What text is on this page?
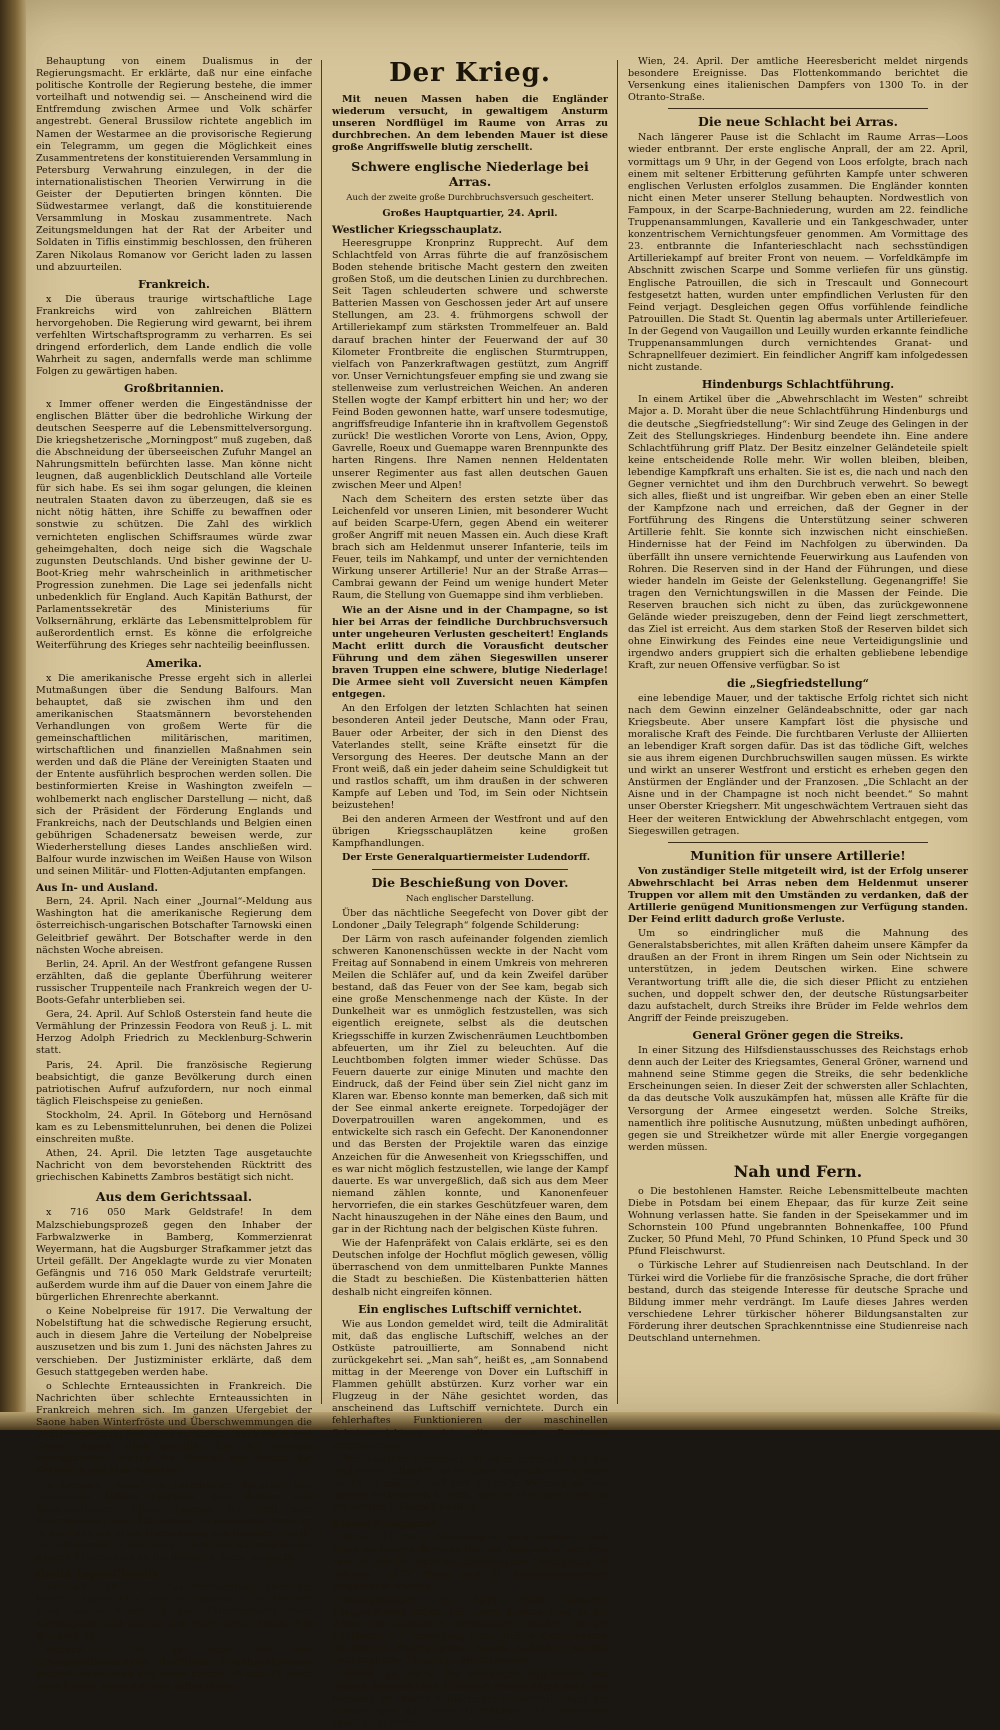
Behauptung von einem Dualismus in der Regierungsmacht. Er erklärte, daß nur eine einfache politische Kontrolle der Regierung bestehe, die immer vorteilhaft und notwendig sei. — Anscheinend wird die Entfremdung zwischen Armee und Volk schärfer angestrebt. General Brussilow richtete angeblich im Namen der Westarmee an die provisorische Regierung ein Telegramm, um gegen die Möglichkeit eines Zusammentretens der konstituierenden Versammlung in Petersburg Verwahrung einzulegen, in der die internationalistischen Theorien Verwirrung in die Geister der Deputierten bringen könnten. Die Südwestarmee verlangt, daß die konstituierende Versammlung in Moskau zusammentrete. Nach Zeitungsmeldungen hat der Rat der Arbeiter und Soldaten in Tiflis einstimmig beschlossen, den früheren Zaren Nikolaus Romanow vor Gericht laden zu lassen und abzuurteilen.

Frankreich.

x Die überaus traurige wirtschaftliche Lage Frankreichs wird von zahlreichen Blättern hervorgehoben. Die Regierung wird gewarnt, bei ihrem verfehlten Wirtschaftsprogramm zu verharren. Es sei dringend erforderlich, dem Lande endlich die volle Wahrheit zu sagen, andernfalls werde man schlimme Folgen zu gewärtigen haben.

Großbritannien.

x Immer offener werden die Eingeständnisse der englischen Blätter über die bedrohliche Wirkung der deutschen Seesperre auf die Lebensmittelversorgung. Die kriegshetzerische „Morningpost“ muß zugeben, daß die Abschneidung der überseeischen Zufuhr Mangel an Nahrungsmitteln befürchten lasse. Man könne nicht leugnen, daß augenblicklich Deutschland alle Vorteile für sich habe. Es sei ihm sogar gelungen, die kleinen neutralen Staaten davon zu überzeugen, daß sie es nicht nötig hätten, ihre Schiffe zu bewaffnen oder sonstwie zu schützen. Die Zahl des wirklich vernichteten englischen Schiffsraumes würde zwar geheimgehalten, doch neige sich die Wagschale zugunsten Deutschlands. Und bisher gewinne der U-Boot-Krieg mehr wahrscheinlich in arithmetischer Progression zunehmen. Die Lage sei jedenfalls nicht unbedenklich für England. Auch Kapitän Bathurst, der Parlamentssekretär des Ministeriums für Volksernährung, erklärte das Lebensmittelproblem für außerordentlich ernst. Es könne die erfolgreiche Weiterführung des Krieges sehr nachteilig beeinflussen.

Amerika.

x Die amerikanische Presse ergeht sich in allerlei Mutmaßungen über die Sendung Balfours. Man behauptet, daß sie zwischen ihm und den amerikanischen Staatsmännern bevorstehenden Verhandlungen von großem Werte für die gemeinschaftlichen militärischen, maritimen, wirtschaftlichen und finanziellen Maßnahmen sein werden und daß die Pläne der Vereinigten Staaten und der Entente ausführlich besprochen werden sollen. Die bestinformierten Kreise in Washington zweifeln — wohlbemerkt nach englischer Darstellung — nicht, daß sich der Präsident der Förderung Englands und Frankreichs, nach der Deutschlands und Belgien einen gebührigen Schadenersatz beweisen werde, zur Wiederherstellung dieses Landes anschließen wird. Balfour wurde inzwischen im Weißen Hause von Wilson und seinen Militär- und Flotten-Adjutanten empfangen.

Aus In- und Ausland.

Bern, 24. April. Nach einer „Journal“-Meldung aus Washington hat die amerikanische Regierung dem österreichisch-ungarischen Botschafter Tarnowski einen Geleitbrief gewährt. Der Botschafter werde in den nächsten Woche abreisen.

Berlin, 24. April. An der Westfront gefangene Russen erzählten, daß die geplante Überführung weiterer russischer Truppenteile nach Frankreich wegen der U-Boots-Gefahr unterblieben sei.

Gera, 24. April. Auf Schloß Osterstein fand heute die Vermählung der Prinzessin Feodora von Reuß j. L. mit Herzog Adolph Friedrich zu Mecklenburg-Schwerin statt.

Paris, 24. April. Die französische Regierung beabsichtigt, die ganze Bevölkerung durch einen patriotischen Aufruf aufzufordern, nur noch einmal täglich Fleischspeise zu genießen.

Stockholm, 24. April. In Göteborg und Hernösand kam es zu Lebensmittelunruhen, bei denen die Polizei einschreiten mußte.

Athen, 24. April. Die letzten Tage ausgetauchte Nachricht von dem bevorstehenden Rücktritt des griechischen Kabinetts Zambros bestätigt sich nicht.

Aus dem Gerichtssaal.

x 716 050 Mark Geldstrafe! In dem Malzschiebungsprozeß gegen den Inhaber der Farbwalzwerke in Bamberg, Kommerzienrat Weyermann, hat die Augsburger Strafkammer jetzt das Urteil gefällt. Der Angeklagte wurde zu vier Monaten Gefängnis und 716 050 Mark Geldstrafe verurteilt; außerdem wurde ihm auf die Dauer von einem Jahre die bürgerlichen Ehrenrechte aberkannt.

o Keine Nobelpreise für 1917. Die Verwaltung der Nobelstiftung hat die schwedische Regierung ersucht, auch in diesem Jahre die Verteilung der Nobelpreise auszusetzen und bis zum 1. Juni des nächsten Jahres zu verschieben. Der Justizminister erklärte, daß dem Gesuch stattgegeben werden habe.

o Schlechte Ernteaussichten in Frankreich. Die Nachrichten über schlechte Ernteaussichten in Frankreich mehren sich. Im ganzen Ufergebiet der Saone haben Winterfröste und Überschwemmungen die Winterweizensaat fast völlig vernichtet. Auch Hafer und Gerste haben stark gelitten. Um die Verluste auszugleichen, wollen die Bauern den Boden für Kartoffeln und Mais bestellen.

o Goethes „Faust“ in isländischer Sprache. Das isländische Althing beschloß, dem Dichter und Hochschullehrer Bjarni Jonsson fra Vogi eine Unterstützung von 1200 Kronen zu bewilligen, damit er in der Lage sei, seine Übertragung von Goethes „Faust“ ins Isländische zu vollenden. Island hat während dieses ganzen Krieges eine an die deutsche Sache geglaubt.

Bunte Tages-Chronik.

Kattowitz, 24. April. Aus Verzweiflung über die Untreue seiner Frau warf in Gosnowice ein Arbeiter seine beiden Kinder in den Förderschacht einer Kohlengrube und stürzte sich dann selbst hinab. Alle drei sind tot.

Minden i. W., 24. April. Ein des Lebensmitteldiebstahls überführter Eisenbahnbeamter erschoß seine Frau und seine beiden 10 und 12 Jahre alten Kinder, worauf er sich selbst tötete.

Der Krieg.

Mit neuen Massen haben die Engländer wiederum versucht, in gewaltigem Ansturm unseren Nordflügel im Raume von Arras zu durchbrechen. An dem lebenden Mauer ist diese große Angriffswelle blutig zerschellt.

Schwere englische Niederlage bei Arras.

Auch der zweite große Durchbruchsversuch gescheitert.

Großes Hauptquartier, 24. April.

Westlicher Kriegsschauplatz.

Heeresgruppe Kronprinz Rupprecht. Auf dem Schlachtfeld von Arras führte die auf französischem Boden stehende britische Macht gestern den zweiten großen Stoß, um die deutschen Linien zu durchbrechen. Seit Tagen schleuderten schwere und schwerste Batterien Massen von Geschossen jeder Art auf unsere Stellungen, am 23. 4. frühmorgens schwoll der Artilleriekampf zum stärksten Trommelfeuer an. Bald darauf brachen hinter der Feuerwand der auf 30 Kilometer Frontbreite die englischen Sturmtruppen, vielfach von Panzerkraftwagen gestützt, zum Angriff vor. Unser Vernichtungsfeuer empfing sie und zwang sie stellenweise zum verlustreichen Weichen. An anderen Stellen wogte der Kampf erbittert hin und her; wo der Feind Boden gewonnen hatte, warf unsere todesmutige, angriffsfreudige Infanterie ihn in kraftvollem Gegenstoß zurück! Die westlichen Vororte von Lens, Avion, Oppy, Gavrelle, Roeux und Guemappe waren Brennpunkte des harten Ringens. Ihre Namen nennen Heldentaten unserer Regimenter aus fast allen deutschen Gauen zwischen Meer und Alpen!

Nach dem Scheitern des ersten setzte über das Leichenfeld vor unseren Linien, mit besonderer Wucht auf beiden Scarpe-Ufern, gegen Abend ein weiterer großer Angriff mit neuen Massen ein. Auch diese Kraft brach sich am Heldenmut unserer Infanterie, teils im Feuer, teils im Nahkampf, und unter der vernichtenden Wirkung unserer Artillerie! Nur an der Straße Arras—Cambrai gewann der Feind um wenige hundert Meter Raum, die Stellung von Guemappe sind ihm verblieben.

Wie an der Aisne und in der Champagne, so ist hier bei Arras der feindliche Durchbruchsversuch unter ungeheuren Verlusten gescheitert! Englands Macht erlitt durch die Vorausficht deutscher Führung und dem zähen Siegeswillen unserer braven Truppen eine schwere, blutige Niederlage! Die Armee sieht voll Zuversicht neuen Kämpfen entgegen.

An den Erfolgen der letzten Schlachten hat seinen besonderen Anteil jeder Deutsche, Mann oder Frau, Bauer oder Arbeiter, der sich in den Dienst des Vaterlandes stellt, seine Kräfte einsetzt für die Versorgung des Heeres. Der deutsche Mann an der Front weiß, daß ein jeder daheim seine Schuldigkeit tut und rastlos schafft, um ihm draußen in der schweren Kampfe auf Leben und Tod, im Sein oder Nichtsein beizustehen!

Bei den anderen Armeen der Westfront und auf den übrigen Kriegsschauplätzen keine großen Kampfhandlungen.

Der Erste Generalquartiermeister Ludendorff.

Die Beschießung von Dover.

Nach englischer Darstellung.

Über das nächtliche Seegefecht von Dover gibt der Londoner „Daily Telegraph“ folgende Schilderung:

Der Lärm von rasch aufeinander folgenden ziemlich schweren Kanonenschüssen weckte in der Nacht vom Freitag auf Sonnabend in einem Umkreis von mehreren Meilen die Schläfer auf, und da kein Zweifel darüber bestand, daß das Feuer von der See kam, begab sich eine große Menschenmenge nach der Küste. In der Dunkelheit war es unmöglich festzustellen, was sich eigentlich ereignete, selbst als die deutschen Kriegsschiffe in kurzen Zwischenräumen Leuchtbomben abfeuerten, um ihr Ziel zu beleuchten. Auf die Leuchtbomben folgten immer wieder Schüsse. Das Feuern dauerte zur einige Minuten und machte den Eindruck, daß der Feind über sein Ziel nicht ganz im Klaren war. Ebenso konnte man bemerken, daß sich mit der See einmal ankerte ereignete. Torpedojäger der Doverpatrouillen waren angekommen, und es entwickelte sich rasch ein Gefecht. Der Kanonendonner und das Bersten der Projektile waren das einzige Anzeichen für die Anwesenheit von Kriegsschiffen, und es war nicht möglich festzustellen, wie lange der Kampf dauerte. Es war unvergeßlich, daß sich aus dem Meer niemand zählen konnte, und Kanonenfeuer hervorriefen, die ein starkes Geschützfeuer waren, dem Nacht hinauszugehen in der Nähe eines den Baum, und gar in der Richtung nach der belgischen Küste fuhren.

Wie der Hafenpräfekt von Calais erklärte, sei es den Deutschen infolge der Hochflut möglich gewesen, völlig überraschend von dem unmittelbaren Punkte Mannes die Stadt zu beschießen. Die Küstenbatterien hätten deshalb nicht eingreifen können.

Ein englisches Luftschiff vernichtet.

Wie aus London gemeldet wird, teilt die Admiralität mit, daß das englische Luftschiff, welches an der Ostküste patrouillierte, am Sonnabend nicht zurückgekehrt sei. „Man sah“, heißt es, „am Sonnabend mittag in der Meerenge von Dover ein Luftschiff in Flammen gehüllt abstürzen. Kurz vorher war ein Flugzeug in der Nähe gesichtet worden, das anscheinend das Luftschiff vernichtete. Durch ein fehlerhaftes Funktionieren der maschinellen Schutzvorrichtung ist die ganze Besatzung umgekommen.

Der deutsche Heeresbericht hatte gemeldet, daß ein englisches Luftschiff bei Nieuport abgeschossen worden ist. Es ist möglich, daß sich die obige Meldung auf das gleiche Vorkommnis bezieht, aber es kann sich auch um ein zweites Luftschiff handeln.

Kleine Kriegspost.

Berlin, 24. April. Nachträglich wird gemeldet, daß allein im Raume Berry-au-Bac bis Auberive in der Zeit vom 16. bis 19. April an französischen Gefangenen 30 Offiziere, 1472 Mann und 91 Maschinengewehre eingebracht wurden.

Konstantinopel, 24. April. Zwei deutsche Fliegeroffiziere haben bei einem kühnen Flug in die Wüste die englischen Verteilungen zerstört, die die Engländer zur Versorgung ihrer großen Kampfmassen die Dämme entlang gebaut hatten. Außerdem wurden zwei englische Flugzeuge abgeschossen.

Zürich, 24. April. Die bisherigen Ergebnisse der großen französischen Offensive rechtfertigen nach der Meinung der Kurier militärischer Sachverständigen die Erwartungen auf einen Durchbruch der deutschen Front nicht mehr.

Wien, 24. April. Der amtliche Heeresbericht meldet nirgends besondere Ereignisse. Das Flottenkommando berichtet die Versenkung eines italienischen Dampfers von 1300 To. in der Otranto-Straße.

Die neue Schlacht bei Arras.

Nach längerer Pause ist die Schlacht im Raume Arras—Loos wieder entbrannt. Der erste englische Anprall, der am 22. April, vormittags um 9 Uhr, in der Gegend von Loos erfolgte, brach nach einem mit seltener Erbitterung geführten Kampfe unter schweren englischen Verlusten erfolglos zusammen. Die Engländer konnten nicht einen Meter unserer Stellung behaupten. Nordwestlich von Fampoux, in der Scarpe-Bachniederung, wurden am 22. feindliche Truppenansammlungen, Kavallerie und ein Tankgeschwader, unter konzentrischem Vernichtungsfeuer genommen. Am Vormittage des 23. entbrannte die Infanterieschlacht nach sechsstündigen Artilleriekampf auf breiter Front von neuem. — Vorfeldkämpfe im Abschnitt zwischen Scarpe und Somme verliefen für uns günstig. Englische Patrouillen, die sich in Trescault und Gonnecourt festgesetzt hatten, wurden unter empfindlichen Verlusten für den Feind verjagt. Desgleichen gegen Offus vorfühlende feindliche Patrouillen. Die Stadt St. Quentin lag abermals unter Artilleriefeuer. In der Gegend von Vaugaillon und Leuilly wurden erkannte feindliche Truppenansammlungen durch vernichtendes Granat- und Schrapnellfeuer dezimiert. Ein feindlicher Angriff kam infolgedessen nicht zustande.

Hindenburgs Schlachtführung.

In einem Artikel über die „Abwehrschlacht im Westen“ schreibt Major a. D. Moraht über die neue Schlachtführung Hindenburgs und die deutsche „Siegfriedstellung“: Wir sind Zeuge des Gelingen in der Zeit des Stellungskrieges. Hindenburg beendete ihn. Eine andere Schlachtführung griff Platz. Der Besitz einzelner Geländeteile spielt keine entscheidende Rolle mehr. Wir wollen bleiben, bleiben, lebendige Kampfkraft uns erhalten. Sie ist es, die nach und nach den Gegner vernichtet und ihm den Durchbruch verwehrt. So bewegt sich alles, fließt und ist ungreifbar. Wir geben eben an einer Stelle der Kampfzone nach und erreichen, daß der Gegner in der Fortführung des Ringens die Unterstützung seiner schweren Artillerie fehlt. Sie konnte sich inzwischen nicht einschießen. Hindernisse hat der Feind im Nachfolgen zu überwinden. Da überfällt ihn unsere vernichtende Feuerwirkung aus Laufenden von Rohren. Die Reserven sind in der Hand der Führungen, und diese wieder handeln im Geiste der Gelenkstellung. Gegenangriffe! Sie tragen den Vernichtungswillen in die Massen der Feinde. Die Reserven brauchen sich nicht zu üben, das zurückgewonnene Gelände wieder preiszugeben, denn der Feind liegt zerschmettert, das Ziel ist erreicht. Aus dem starken Stoß der Reserven bildet sich ohne Einwirkung des Feindes eine neue Verteidigungslinie und irgendwo anders gruppiert sich die erhalten gebliebene lebendige Kraft, zur neuen Offensive verfügbar. So ist

die „Siegfriedstellung“

eine lebendige Mauer, und der taktische Erfolg richtet sich nicht nach dem Gewinn einzelner Geländeabschnitte, oder gar nach Kriegsbeute. Aber unsere Kampfart löst die physische und moralische Kraft des Feinde. Die furchtbaren Verluste der Alliierten an lebendiger Kraft sorgen dafür. Das ist das tödliche Gift, welches sie aus ihrem eigenen Durchbruchswillen saugen müssen. Es wirkte und wirkt an unserer Westfront und ersticht es erheben gegen den Anstürmen der Engländer und der Franzosen. „Die Schlacht an der Aisne und in der Champagne ist noch nicht beendet.“ So mahnt unser Oberster Kriegsherr. Mit ungeschwächtem Vertrauen sieht das Heer der weiteren Entwicklung der Abwehrschlacht entgegen, vom Siegeswillen getragen.

Munition für unsere Artillerie!

Von zuständiger Stelle mitgeteilt wird, ist der Erfolg unserer Abwehrschlacht bei Arras neben dem Heldenmut unserer Truppen vor allem mit den Umständen zu verdanken, daß der Artillerie genügend Munitionsmengen zur Verfügung standen. Der Feind erlitt dadurch große Verluste.

Um so eindringlicher muß die Mahnung des Generalstabsberichtes, mit allen Kräften daheim unsere Kämpfer da draußen an der Front in ihrem Ringen um Sein oder Nichtsein zu unterstützen, in jedem Deutschen wirken. Eine schwere Verantwortung trifft alle die, die sich dieser Pflicht zu entziehen suchen, und doppelt schwer den, der deutsche Rüstungsarbeiter dazu aufstachelt, durch Streiks ihre Brüder im Felde wehrlos dem Angriff der Feinde preiszugeben.

General Gröner gegen die Streiks.

In einer Sitzung des Hilfsdienstausschusses des Reichstags erhob denn auch der Leiter des Kriegsamtes, General Gröner, warnend und mahnend seine Stimme gegen die Streiks, die sehr bedenkliche Erscheinungen seien. In dieser Zeit der schwersten aller Schlachten, da das deutsche Volk auszukämpfen hat, müssen alle Kräfte für die Versorgung der Armee eingesetzt werden. Solche Streiks, namentlich ihre politische Ausnutzung, müßten unbedingt aufhören, gegen sie und Streikhetzer würde mit aller Energie vorgegangen werden müssen.

Nah und Fern.

o Die bestohlenen Hamster. Reiche Lebensmittelbeute machten Diebe in Potsdam bei einem Ehepaar, das für kurze Zeit seine Wohnung verlassen hatte. Sie fanden in der Speisekammer und im Schornstein 100 Pfund ungebrannten Bohnenkaffee, 100 Pfund Zucker, 50 Pfund Mehl, 70 Pfund Schinken, 10 Pfund Speck und 30 Pfund Fleischwurst.

o Türkische Lehrer auf Studienreisen nach Deutschland. In der Türkei wird die Vorliebe für die französische Sprache, die dort früher bestand, durch das steigende Interesse für deutsche Sprache und Bildung immer mehr verdrängt. Im Laufe dieses Jahres werden verschiedene Lehrer türkischer höherer Bildungsanstalten zur Förderung ihrer deutschen Sprachkenntnisse eine Studienreise nach Deutschland unternehmen.
